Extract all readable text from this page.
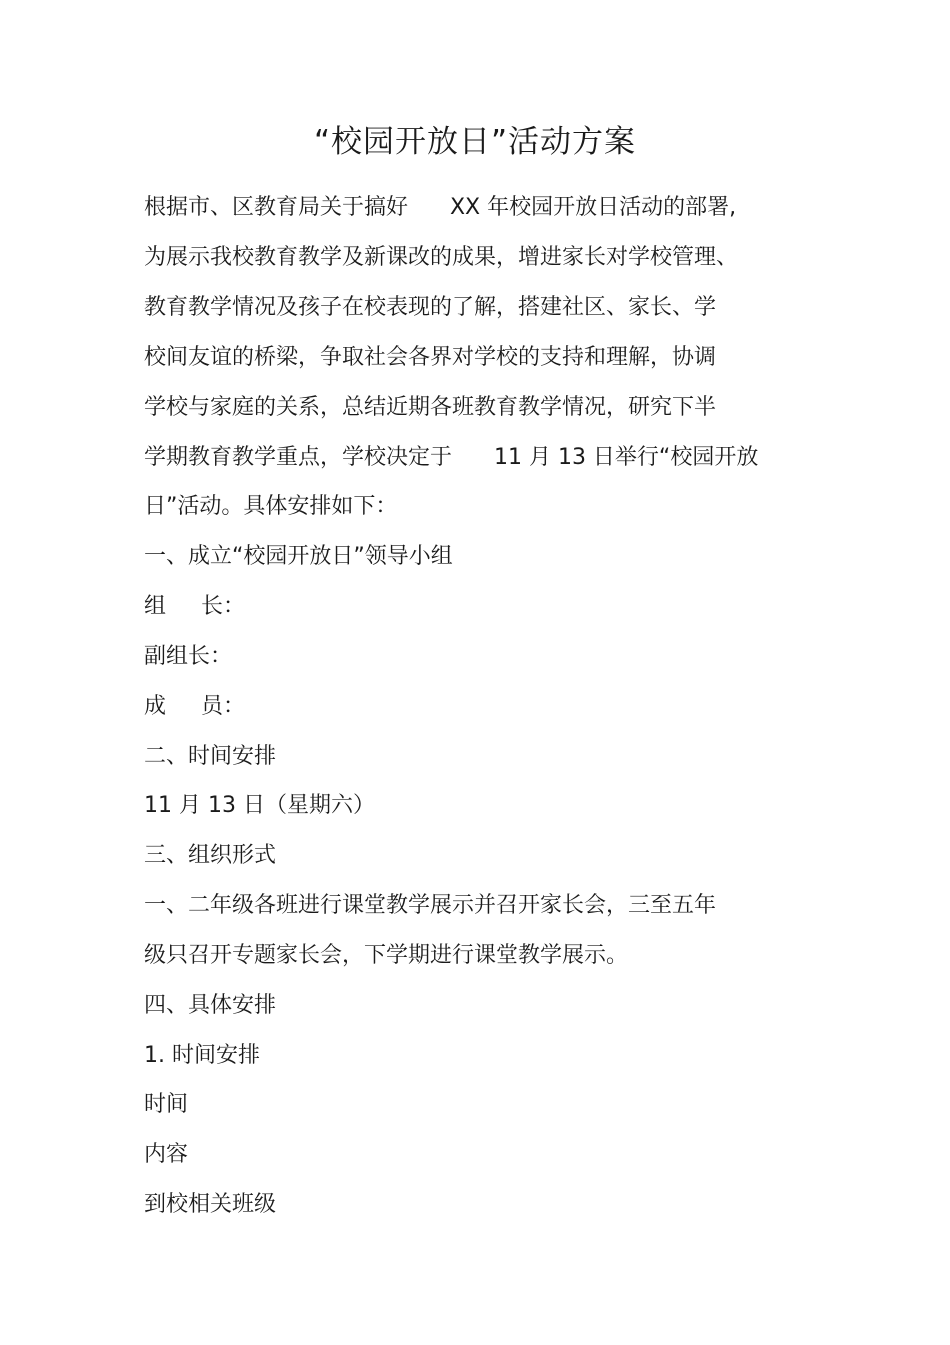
“校园开放日”活动方案
根据市、区教育局关于搞好      XX 年校园开放日活动的部署,
为展示我校教育教学及新课改的成果，增进家长对学校管理、
教育教学情况及孩子在校表现的了解，搭建社区、家长、学
校间友谊的桥梁，争取社会各界对学校的支持和理解，协调
学校与家庭的关系，总结近期各班教育教学情况，研究下半
学期教育教学重点，学校决定于      11 月 13 日举行“校园开放
日”活动。具体安排如下：
一、成立“校园开放日”领导小组
组     长：
副组长：
成     员：
二、时间安排
11 月 13 日（星期六）
三、组织形式
一、二年级各班进行课堂教学展示并召开家长会，三至五年
级只召开专题家长会，下学期进行课堂教学展示。
四、具体安排
1. 时间安排
时间
内容
到校相关班级
